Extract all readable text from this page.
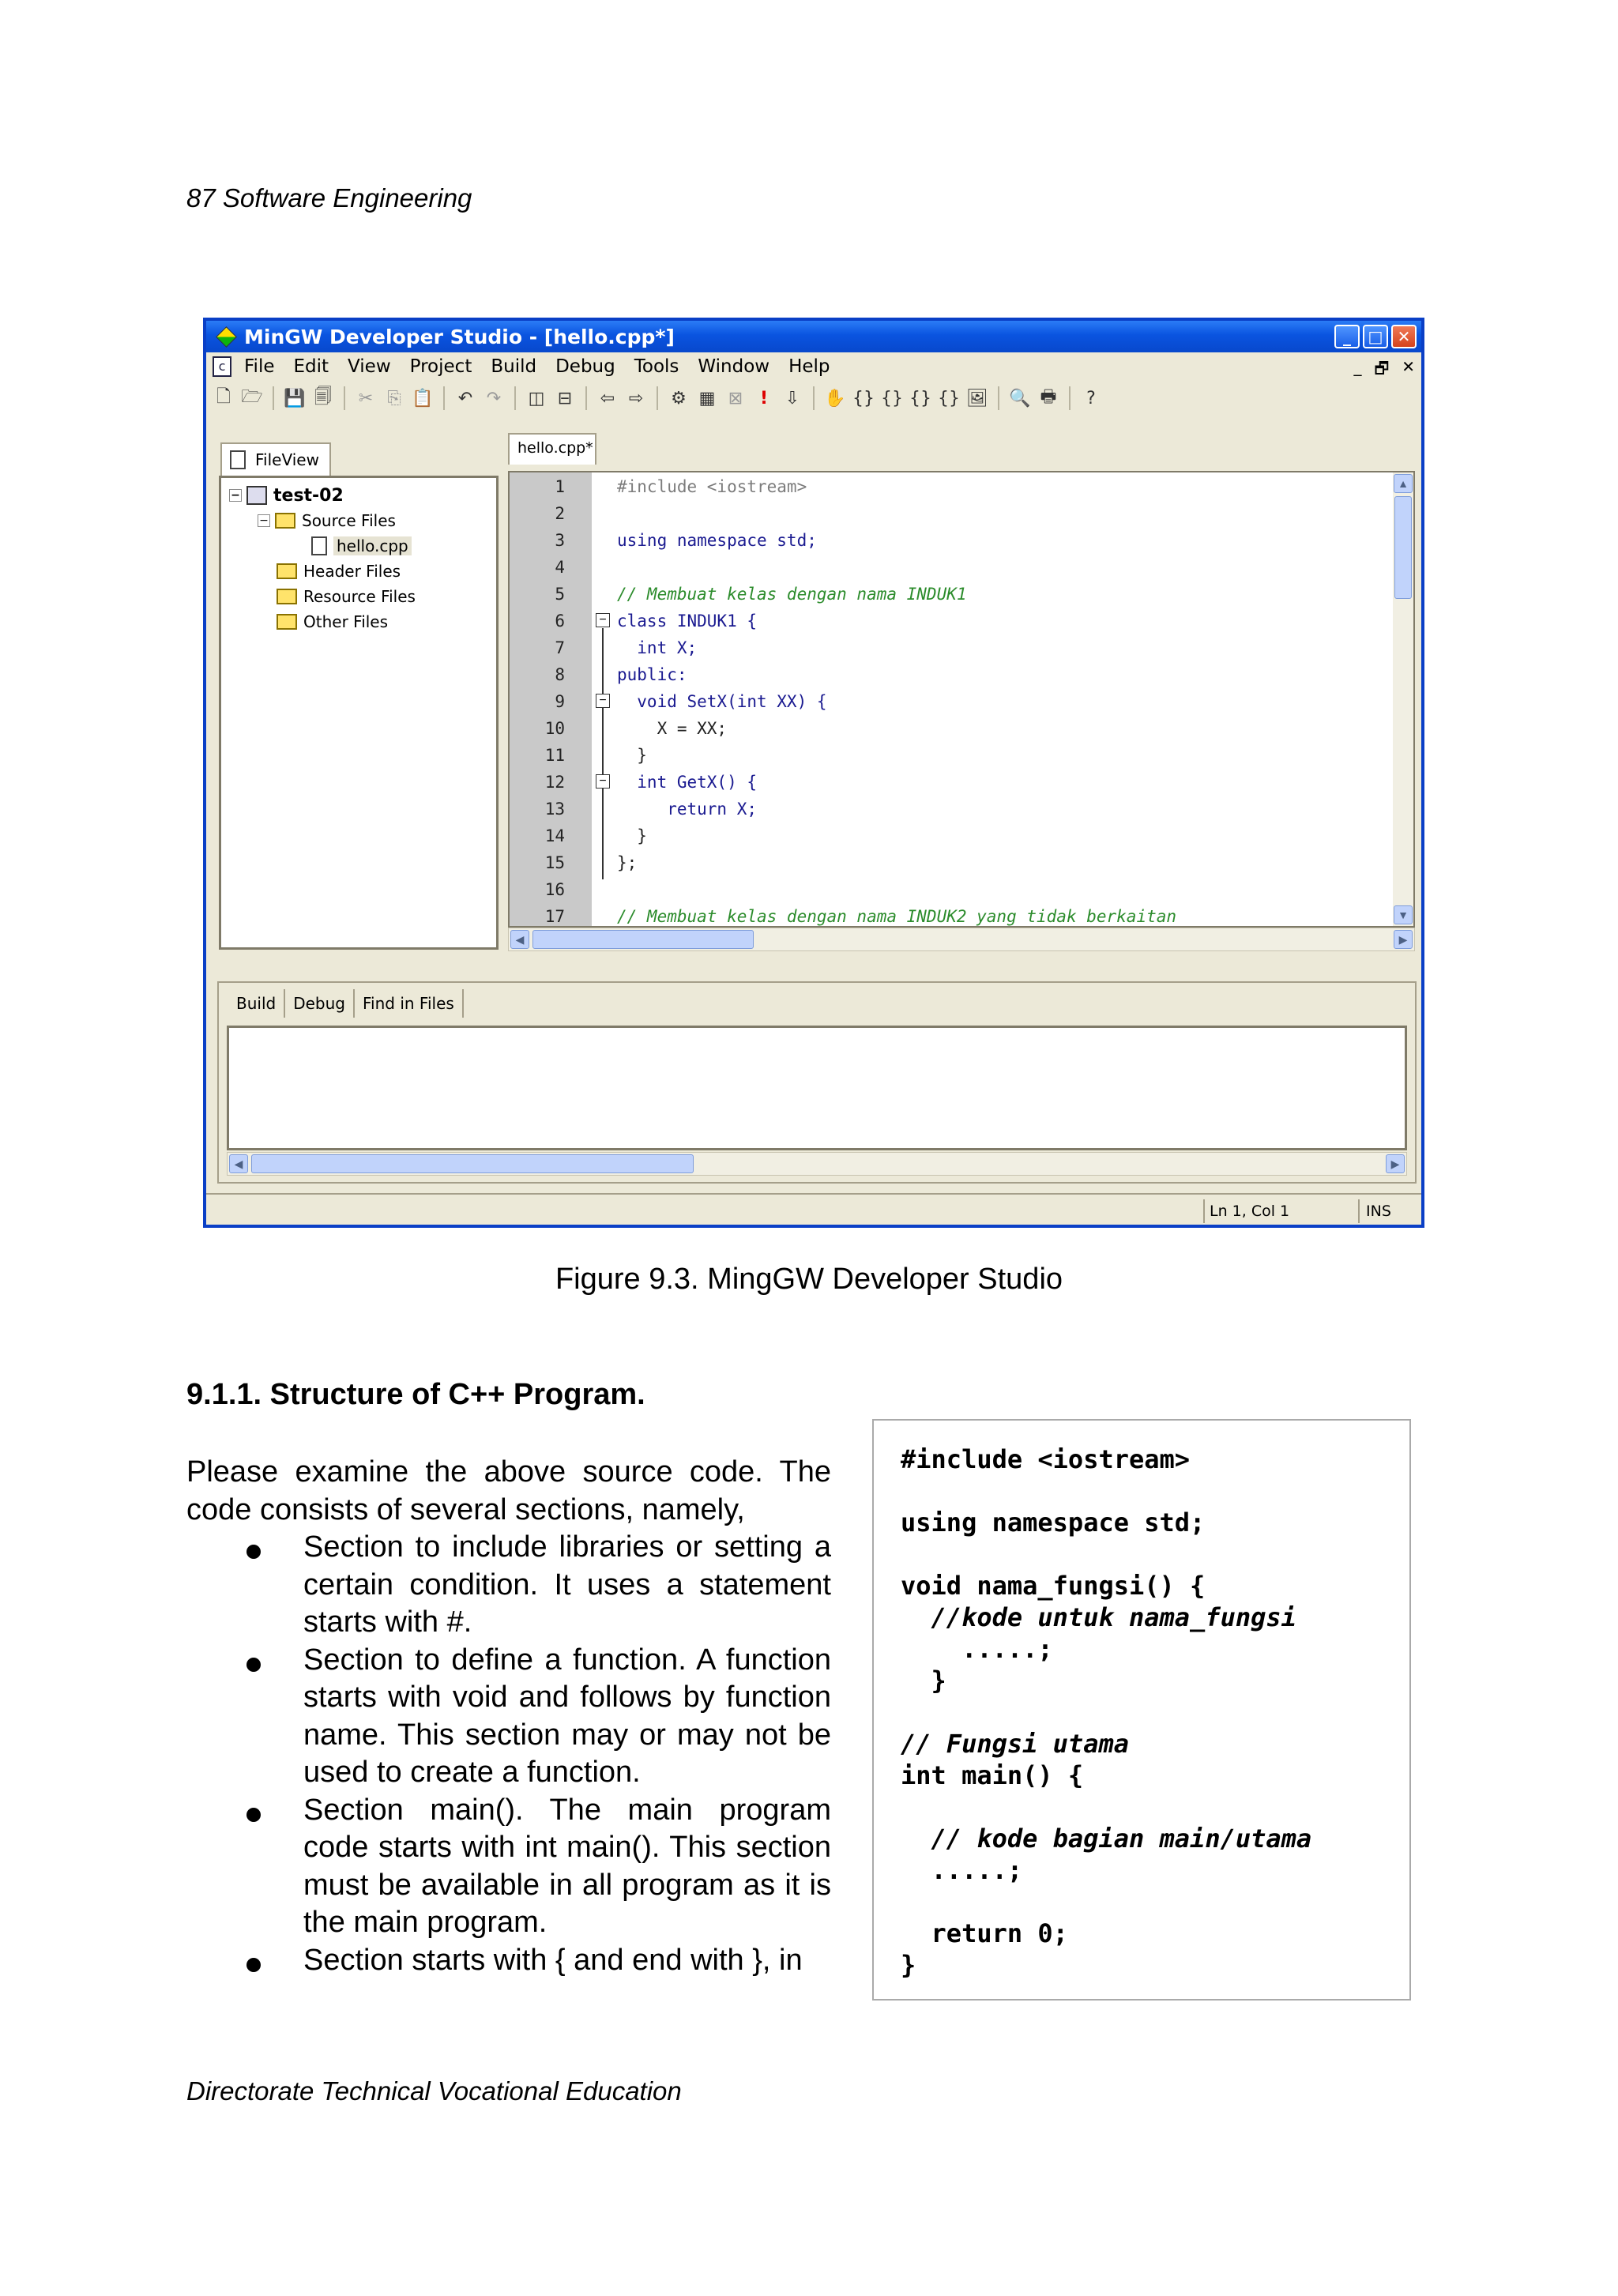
87 Software Engineering
MinGW Developer Studio - [hello.cpp*]	_	□ ✕
c	File Edit View Project Build Debug Tools Window Help	_ 🗗 ✕
🗋 🗁 💾 🗐 ✂ ⎘ 📋 ↶ ↷ ◫ ⊟ ⇦ ⇨ ⚙ ▦ ⊠ ! ⇩ ✋ {} {} {} {} 🖼 🔍 🖶	?
FileView
− test-02
− Source Files
hello.cpp
Header Files
Resource Files
Other Files
hello.cpp*
1
2
3
4
5
6
7
8
9
10
11
12
13
14
15
16
17
−
−
−
#include <iostream>
using namespace std;
// Membuat kelas dengan nama INDUK1
class INDUK1 {
int X;
public:
void SetX(int XX) {
X = XX;
}
int GetX() {
return X;
}
};
// Membuat kelas dengan nama INDUK2 yang tidak berkaitan
▲
▼
◀	▶
Build	Debug	Find in Files
◀	▶
Ln 1, Col 1	INS
Figure 9.3. MingGW Developer Studio
9.1.1. Structure of C++ Program.

Please examine the above source code. The code consists of several sections, namely,

Section to include libraries or setting a certain condition. It uses a statement starts with #.
Section to define a function. A function starts with void and follows by function name. This section may or may not be used to create a function.
Section main(). The main program code starts with int main(). This section must be available in all program as it is the main program.
Section starts with { and end with }, in
#include <iostream>
using namespace std;
void nama_fungsi() {
//kode untuk nama_fungsi
.....;
}
// Fungsi utama
int main() {
// kode bagian main/utama
.....;
return 0;
}
Directorate Technical Vocational Education
